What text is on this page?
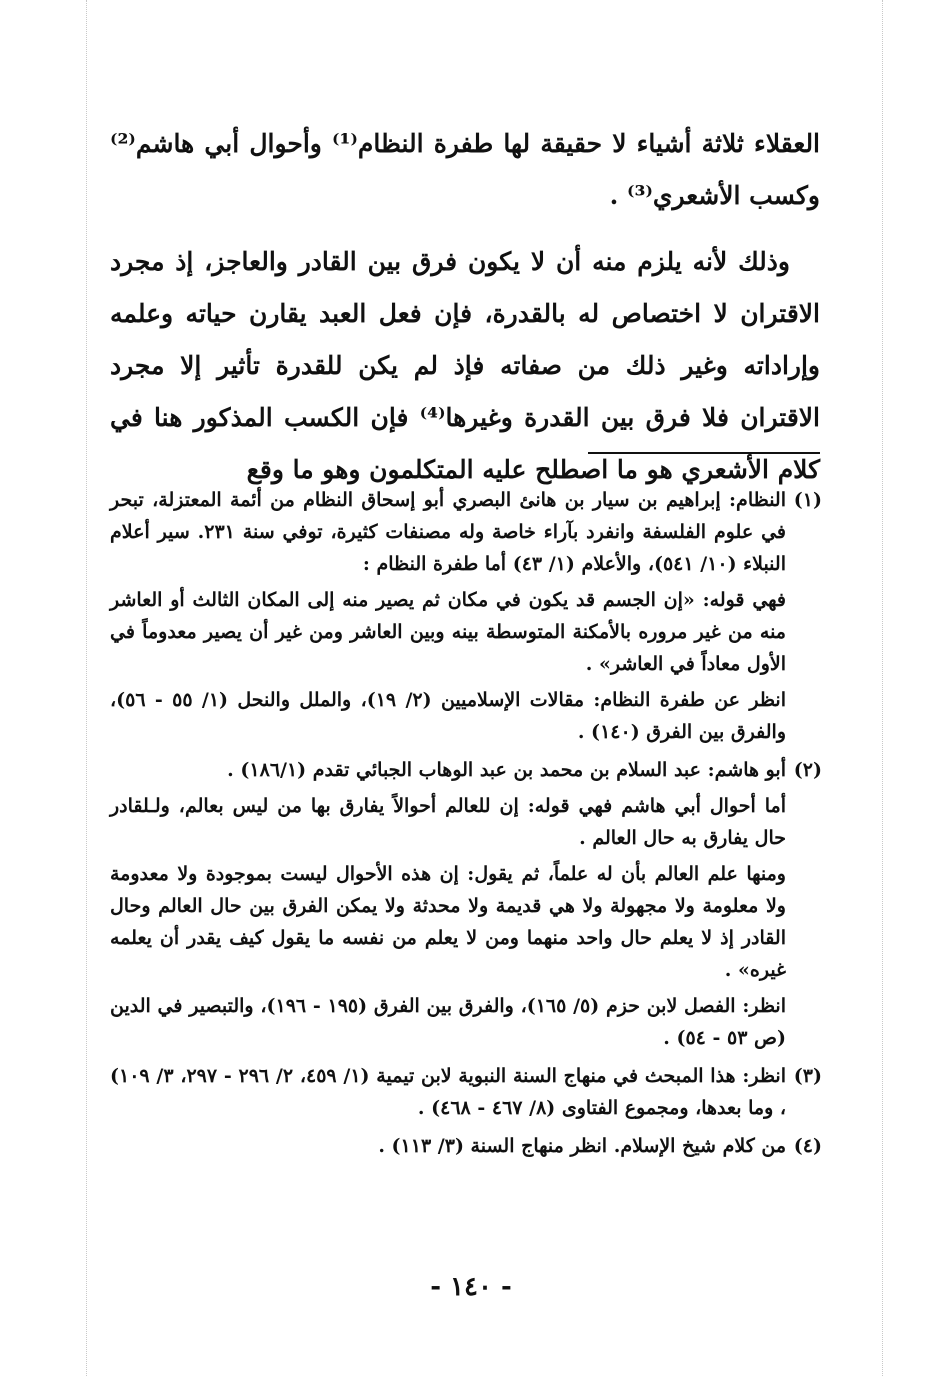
العقلاء ثلاثة أشياء لا حقيقة لها طفرة النظام⁽¹⁾ وأحوال أبي هاشم⁽²⁾ وكسب الأشعري⁽³⁾ .

وذلك لأنه يلزم منه أن لا يكون فرق بين القادر والعاجز، إذ مجرد الاقتران لا اختصاص له بالقدرة، فإن فعل العبد يقارن حياته وعلمه وإراداته وغير ذلك من صفاته فإذ لم يكن للقدرة تأثير إلا مجرد الاقتران فلا فرق بين القدرة وغيرها⁽⁴⁾ فإن الكسب المذكور هنا في كلام الأشعري هو ما اصطلح عليه المتكلمون وهو ما وقع

(١)

النظام: إبراهيم بن سيار بن هانئ البصري أبو إسحاق النظام من أئمة المعتزلة، تبحر في علوم الفلسفة وانفرد بآراء خاصة وله مصنفات كثيرة، توفي سنة ٢٣١. سير أعلام النبلاء (١٠/ ٥٤١)، والأعلام (١/ ٤٣) أما طفرة النظام :

فهي قوله: «إن الجسم قد يكون في مكان ثم يصير منه إلى المكان الثالث أو العاشر منه من غير مروره بالأمكنة المتوسطة بينه وبين العاشر ومن غير أن يصير معدوماً في الأول معاداً في العاشر» .

انظر عن طفرة النظام: مقالات الإسلاميين (٢/ ١٩)، والملل والنحل (١/ ٥٥ - ٥٦)، والفرق بين الفرق (١٤٠) .

(٢)

أبو هاشم: عبد السلام بن محمد بن عبد الوهاب الجبائي تقدم (١٨٦/١) .

أما أحوال أبي هاشم فهي قوله: إن للعالم أحوالاً يفارق بها من ليس بعالم، ولـلقادر حال يفارق به حال العالم .

ومنها علم العالم بأن له علماً، ثم يقول: إن هذه الأحوال ليست بموجودة ولا معدومة ولا معلومة ولا مجهولة ولا هي قديمة ولا محدثة ولا يمكن الفرق بين حال العالم وحال القادر إذ لا يعلم حال واحد منهما ومن لا يعلم من نفسه ما يقول كيف يقدر أن يعلمه غيره» .

انظر: الفصل لابن حزم (٥/ ١٦٥)، والفرق بين الفرق (١٩٥ - ١٩٦)، والتبصير في الدين (ص ٥٣ - ٥٤) .

(٣)

انظر: هذا المبحث في منهاج السنة النبوية لابن تيمية (١/ ٤٥٩، ٢/ ٢٩٦ - ٢٩٧، ٣/ ١٠٩) ، وما بعدها، ومجموع الفتاوى (٨/ ٤٦٧ - ٤٦٨) .

(٤)

من كلام شيخ الإسلام. انظر منهاج السنة (٣/ ١١٣) .

- ١٤٠ -
